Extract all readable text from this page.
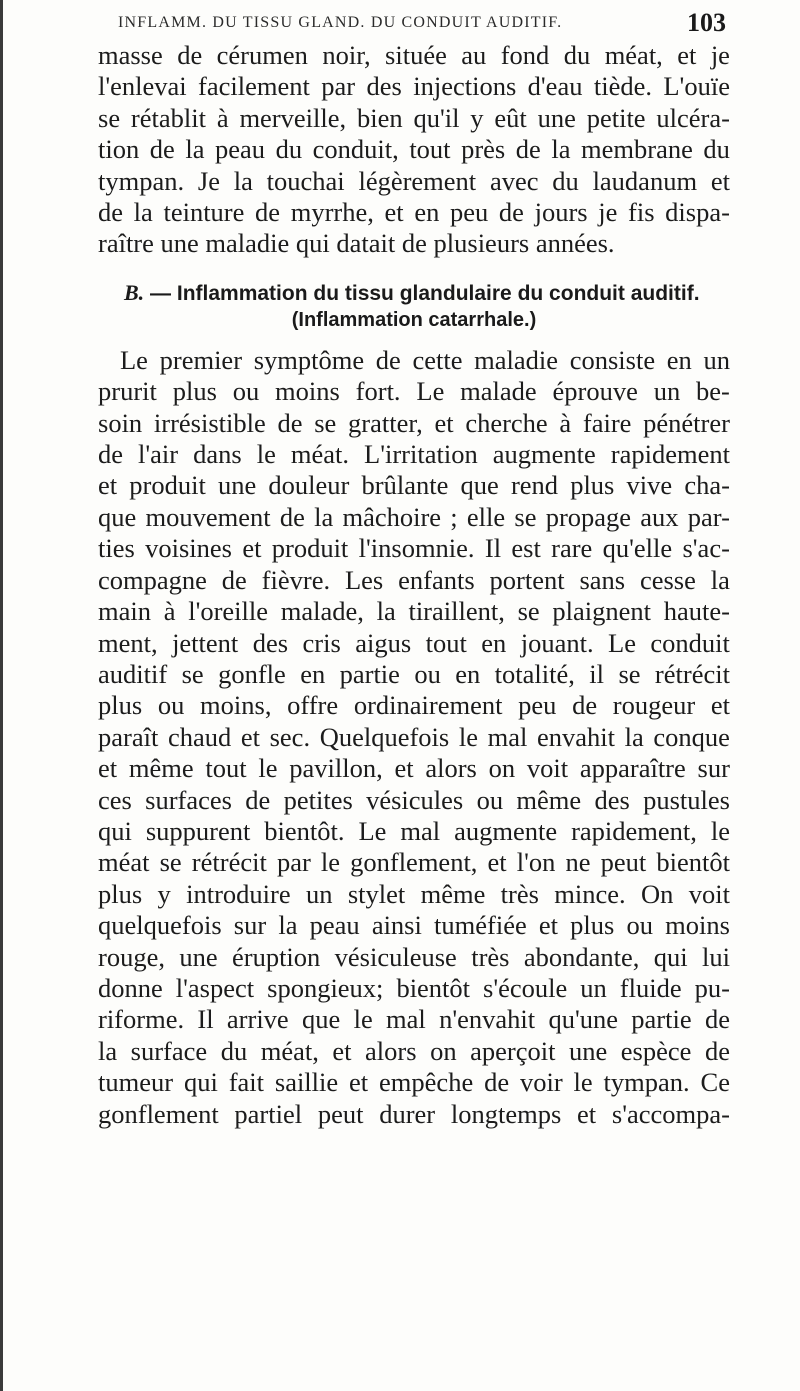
INFLAMM. DU TISSU GLAND. DU CONDUIT AUDITIF.	103
masse de cérumen noir, située au fond du méat, et je
l'enlevai facilement par des injections d'eau tiède. L'ouïe
se rétablit à merveille, bien qu'il y eût une petite ulcéra-
tion de la peau du conduit, tout près de la membrane du
tympan. Je la touchai légèrement avec du laudanum et
de la teinture de myrrhe, et en peu de jours je fis dispa-
raître une maladie qui datait de plusieurs années.
B. — Inflammation du tissu glandulaire du conduit auditif.
(Inflammation catarrhale.)
Le premier symptôme de cette maladie consiste en un
prurit plus ou moins fort. Le malade éprouve un be-
soin irrésistible de se gratter, et cherche à faire pénétrer
de l'air dans le méat. L'irritation augmente rapidement
et produit une douleur brûlante que rend plus vive cha-
que mouvement de la mâchoire ; elle se propage aux par-
ties voisines et produit l'insomnie. Il est rare qu'elle s'ac-
compagne de fièvre. Les enfants portent sans cesse la
main à l'oreille malade, la tiraillent, se plaignent haute-
ment, jettent des cris aigus tout en jouant. Le conduit
auditif se gonfle en partie ou en totalité, il se rétrécit
plus ou moins, offre ordinairement peu de rougeur et
paraît chaud et sec. Quelquefois le mal envahit la conque
et même tout le pavillon, et alors on voit apparaître sur
ces surfaces de petites vésicules ou même des pustules
qui suppurent bientôt. Le mal augmente rapidement, le
méat se rétrécit par le gonflement, et l'on ne peut bientôt
plus y introduire un stylet même très mince. On voit
quelquefois sur la peau ainsi tuméfiée et plus ou moins
rouge, une éruption vésiculeuse très abondante, qui lui
donne l'aspect spongieux; bientôt s'écoule un fluide pu-
riforme. Il arrive que le mal n'envahit qu'une partie de
la surface du méat, et alors on aperçoit une espèce de
tumeur qui fait saillie et empêche de voir le tympan. Ce
gonflement partiel peut durer longtemps et s'accompa-
